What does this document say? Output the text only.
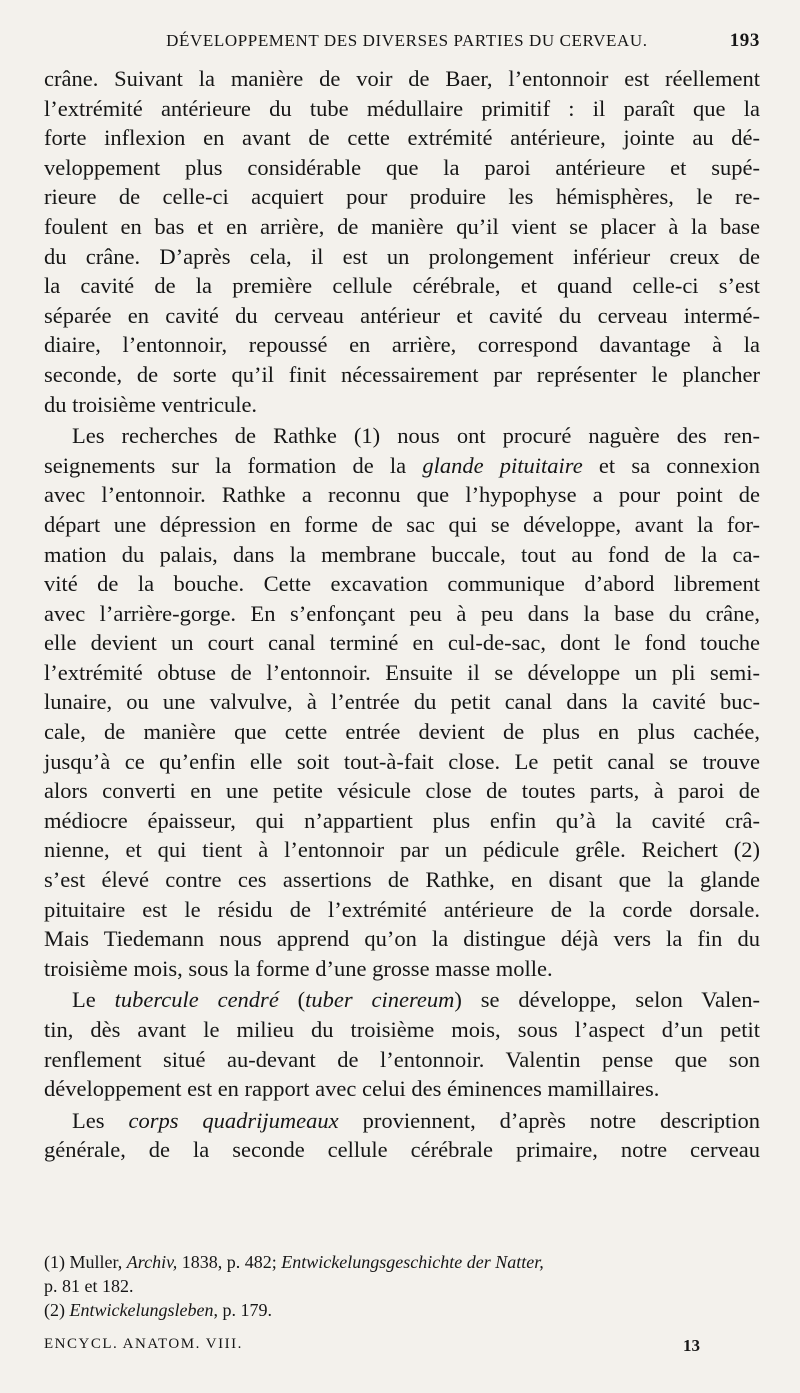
DÉVELOPPEMENT DES DIVERSES PARTIES DU CERVEAU.	193
crâne. Suivant la manière de voir de Baer, l’entonnoir est réellement
l’extrémité antérieure du tube médullaire primitif : il paraît que la
forte inflexion en avant de cette extrémité antérieure, jointe au dé-
veloppement plus considérable que la paroi antérieure et supé-
rieure de celle-ci acquiert pour produire les hémisphères, le re-
foulent en bas et en arrière, de manière qu’il vient se placer à la base
du crâne. D’après cela, il est un prolongement inférieur creux de
la cavité de la première cellule cérébrale, et quand celle-ci s’est
séparée en cavité du cerveau antérieur et cavité du cerveau intermé-
diaire, l’entonnoir, repoussé en arrière, correspond davantage à la
seconde, de sorte qu’il finit nécessairement par représenter le plancher
du troisième ventricule.
Les recherches de Rathke (1) nous ont procuré naguère des ren-
seignements sur la formation de la glande pituitaire et sa connexion
avec l’entonnoir. Rathke a reconnu que l’hypophyse a pour point de
départ une dépression en forme de sac qui se développe, avant la for-
mation du palais, dans la membrane buccale, tout au fond de la ca-
vité de la bouche. Cette excavation communique d’abord librement
avec l’arrière-gorge. En s’enfonçant peu à peu dans la base du crâne,
elle devient un court canal terminé en cul-de-sac, dont le fond touche
l’extrémité obtuse de l’entonnoir. Ensuite il se développe un pli semi-
lunaire, ou une valvulve, à l’entrée du petit canal dans la cavité buc-
cale, de manière que cette entrée devient de plus en plus cachée,
jusqu’à ce qu’enfin elle soit tout-à-fait close. Le petit canal se trouve
alors converti en une petite vésicule close de toutes parts, à paroi de
médiocre épaisseur, qui n’appartient plus enfin qu’à la cavité crâ-
nienne, et qui tient à l’entonnoir par un pédicule grêle. Reichert (2)
s’est élevé contre ces assertions de Rathke, en disant que la glande
pituitaire est le résidu de l’extrémité antérieure de la corde dorsale.
Mais Tiedemann nous apprend qu’on la distingue déjà vers la fin du
troisième mois, sous la forme d’une grosse masse molle.
Le tubercule cendré (tuber cinereum) se développe, selon Valen-
tin, dès avant le milieu du troisième mois, sous l’aspect d’un petit
renflement situé au-devant de l’entonnoir. Valentin pense que son
développement est en rapport avec celui des éminences mamillaires.
Les corps quadrijumeaux proviennent, d’après notre description
générale, de la seconde cellule cérébrale primaire, notre cerveau
(1) Muller, Archiv, 1838, p. 482; Entwickelungsgeschichte der Natter,
p. 81 et 182.
(2) Entwickelungsleben, p. 179.
ENCYCL. ANATOM. VIII.	13
